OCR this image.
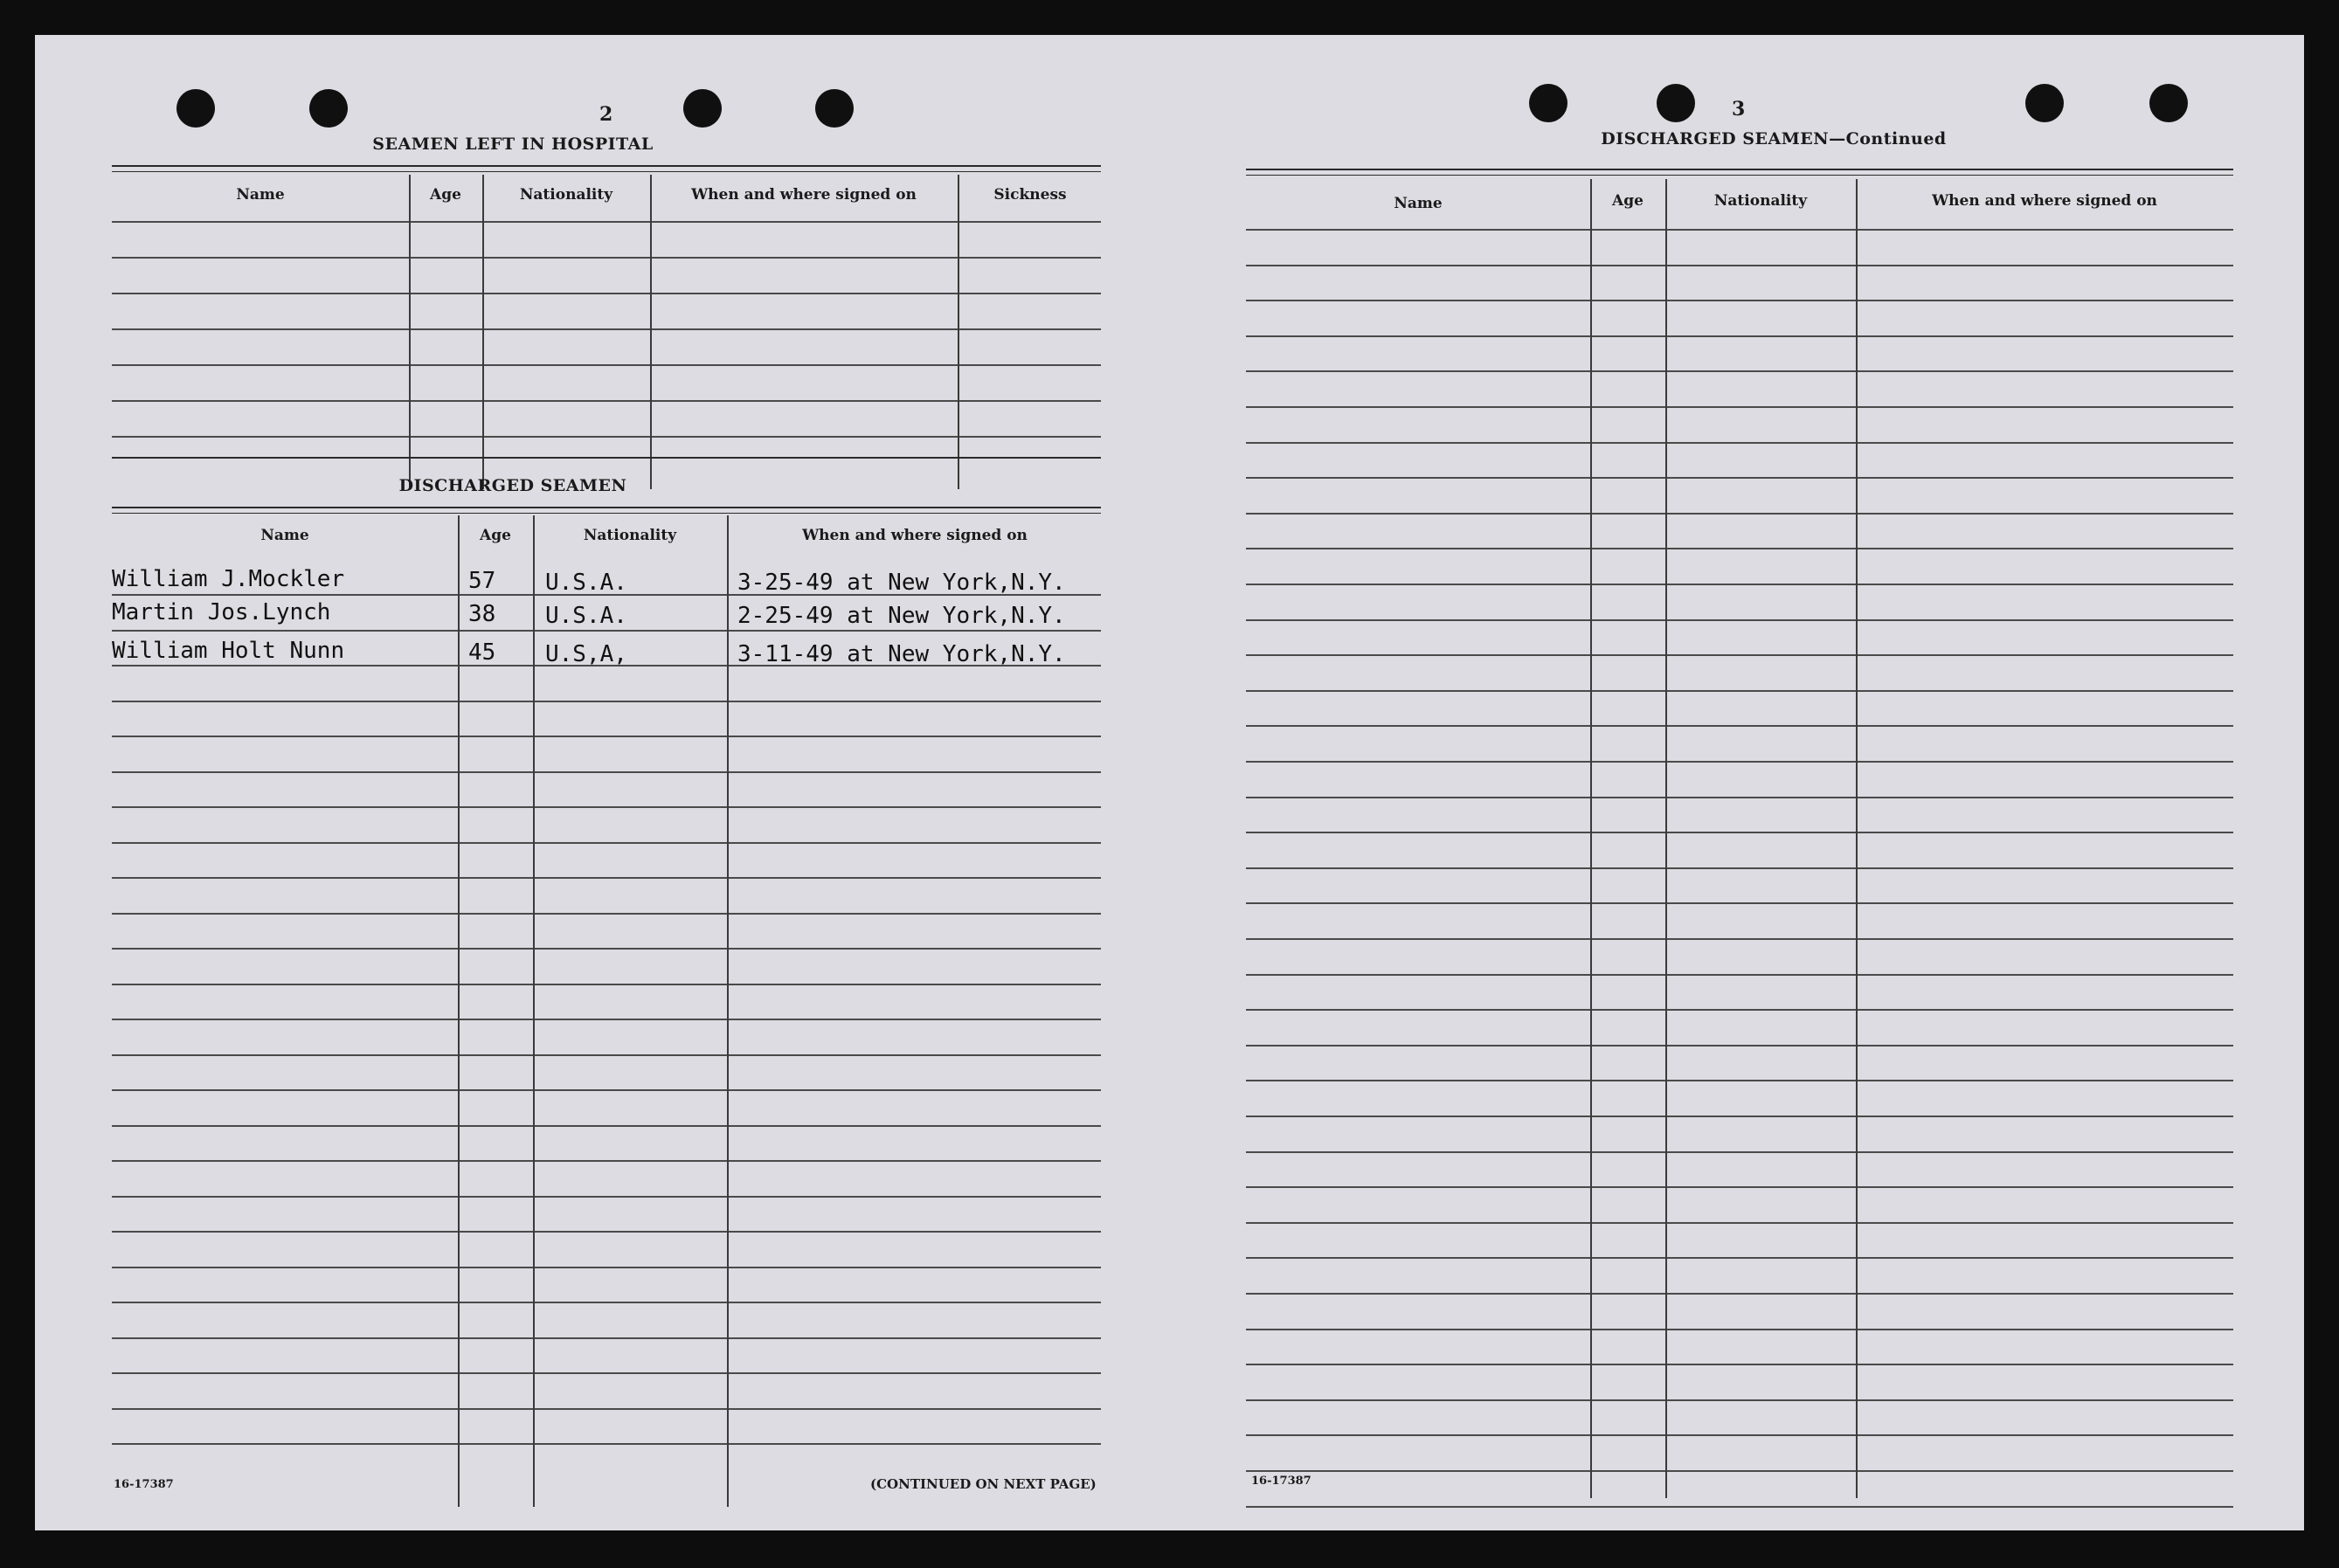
2
SEAMEN LEFT IN HOSPITAL
Name	Age	Nationality	When and where signed on	Sickness
DISCHARGED SEAMEN
Name	Age	Nationality	When and where signed on
William J.Mockler	57 U.S.A.	3-25-49 at New York,N.Y.
Martin Jos.Lynch	38 U.S.A.	2-25-49 at New York,N.Y.
William Holt Nunn	45 U.S,A,	3-11-49 at New York,N.Y.
16-17387	(CONTINUED ON NEXT PAGE)
3
DISCHARGED SEAMEN—Continued
Name	Age	Nationality	When and where signed on
16-17387
